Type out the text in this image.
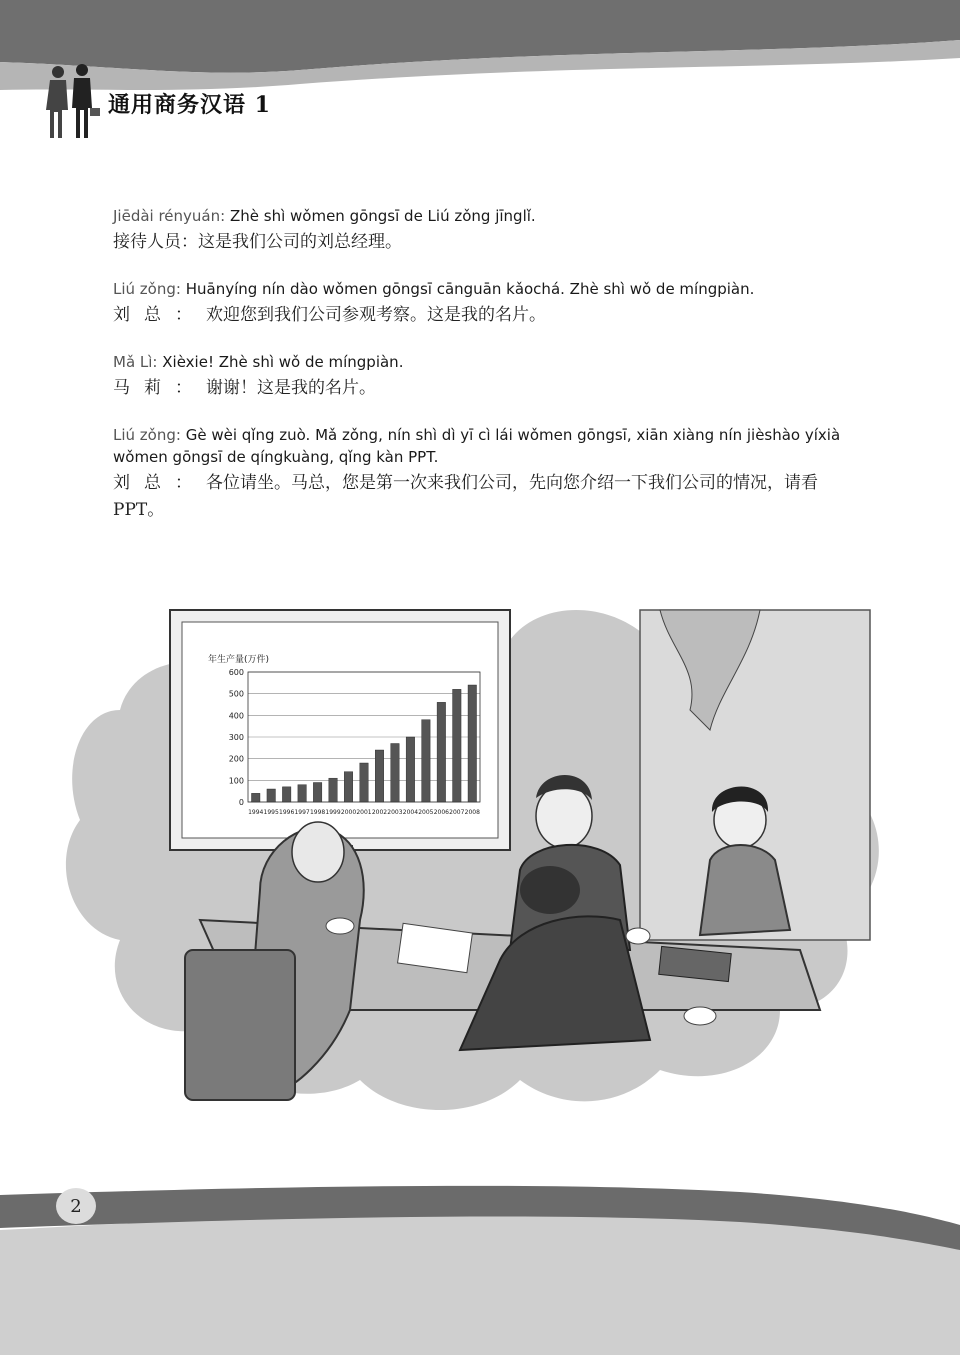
通用商务汉语 1
Jiēdài rényuán: Zhè shì wǒmen gōngsī de Liú zǒng jīnglǐ.
接待人员：这是我们公司的刘总经理。
Liú zǒng: Huānyíng nín dào wǒmen gōngsī cānguān kǎochá. Zhè shì wǒ de míngpiàn.
刘总：欢迎您到我们公司参观考察。这是我的名片。
Mǎ Lì: Xièxie! Zhè shì wǒ de míngpiàn.
马莉：谢谢！这是我的名片。
Liú zǒng: Gè wèi qǐng zuò. Mǎ zǒng, nín shì dì yī cì lái wǒmen gōngsī, xiān xiàng nín jièshào yíxià wǒmen gōngsī de qíngkuàng, qǐng kàn PPT.
刘总：各位请坐。马总，您是第一次来我们公司，先向您介绍一下我们公司的情况，请看PPT。
年生产量(万件)
0
100
200
300
400
500
600
1994 1995 1996 1997 1998 1999 2000 2001 2002 2003 2004 2005 2006 2007 2008
2
